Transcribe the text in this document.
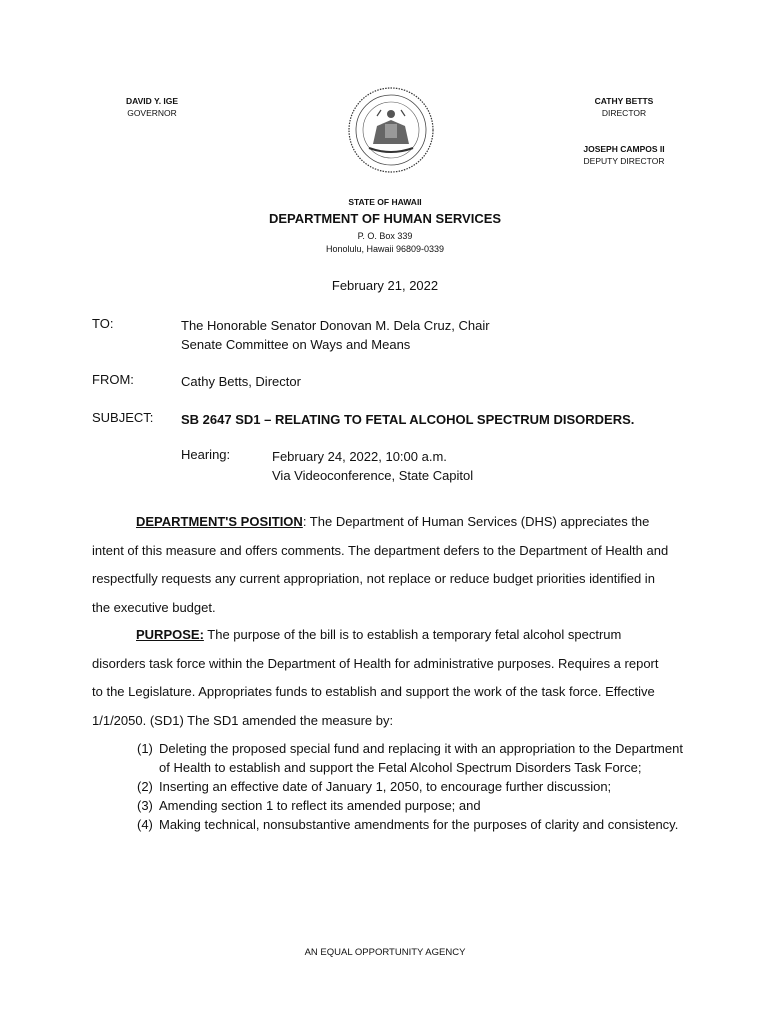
DAVID Y. IGE
GOVERNOR
CATHY BETTS
DIRECTOR
JOSEPH CAMPOS II
DEPUTY DIRECTOR
STATE OF HAWAII
DEPARTMENT OF HUMAN SERVICES
P. O. Box 339
Honolulu, Hawaii 96809-0339
February 21, 2022
TO:	The Honorable Senator Donovan M. Dela Cruz, Chair
Senate Committee on Ways and Means
FROM:	Cathy Betts, Director
SUBJECT: SB 2647 SD1 – RELATING TO FETAL ALCOHOL SPECTRUM DISORDERS.
Hearing:	February 24, 2022, 10:00 a.m.
Via Videoconference, State Capitol
DEPARTMENT'S POSITION: The Department of Human Services (DHS) appreciates the intent of this measure and offers comments. The department defers to the Department of Health and respectfully requests any current appropriation, not replace or reduce budget priorities identified in the executive budget.
PURPOSE: The purpose of the bill is to establish a temporary fetal alcohol spectrum disorders task force within the Department of Health for administrative purposes. Requires a report to the Legislature. Appropriates funds to establish and support the work of the task force. Effective 1/1/2050. (SD1) The SD1 amended the measure by:
(1) Deleting the proposed special fund and replacing it with an appropriation to the Department of Health to establish and support the Fetal Alcohol Spectrum Disorders Task Force;
(2) Inserting an effective date of January 1, 2050, to encourage further discussion;
(3) Amending section 1 to reflect its amended purpose; and
(4) Making technical, nonsubstantive amendments for the purposes of clarity and consistency.
AN EQUAL OPPORTUNITY AGENCY
